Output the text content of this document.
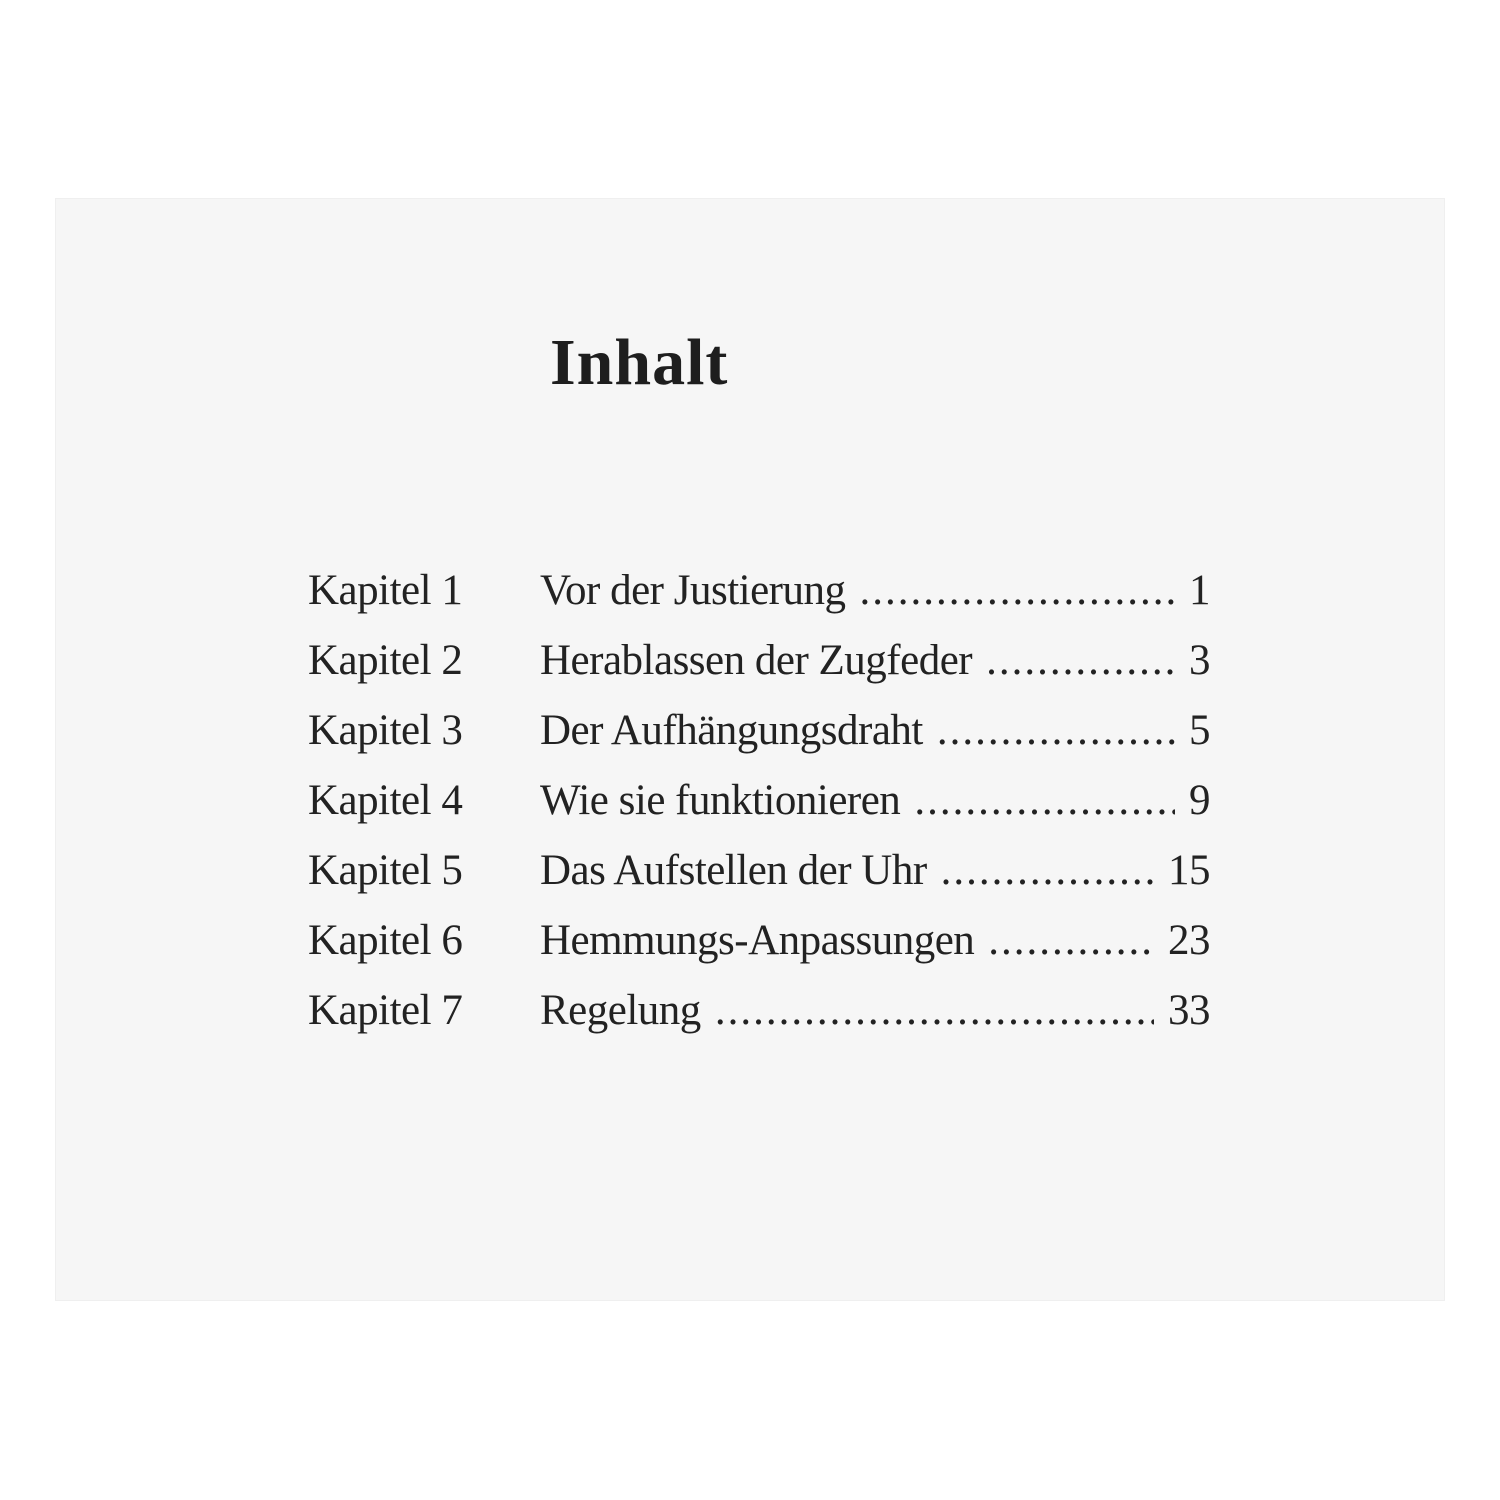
Inhalt
Kapitel 1	Vor der Justierung .....	1
Kapitel 2	Herablassen der Zugfeder .....	3
Kapitel 3	Der Aufhängungsdraht .....	5
Kapitel 4	Wie sie funktionieren .....	9
Kapitel 5	Das Aufstellen der Uhr .....	15
Kapitel 6	Hemmungs-Anpassungen .....	23
Kapitel 7	Regelung .....	33
